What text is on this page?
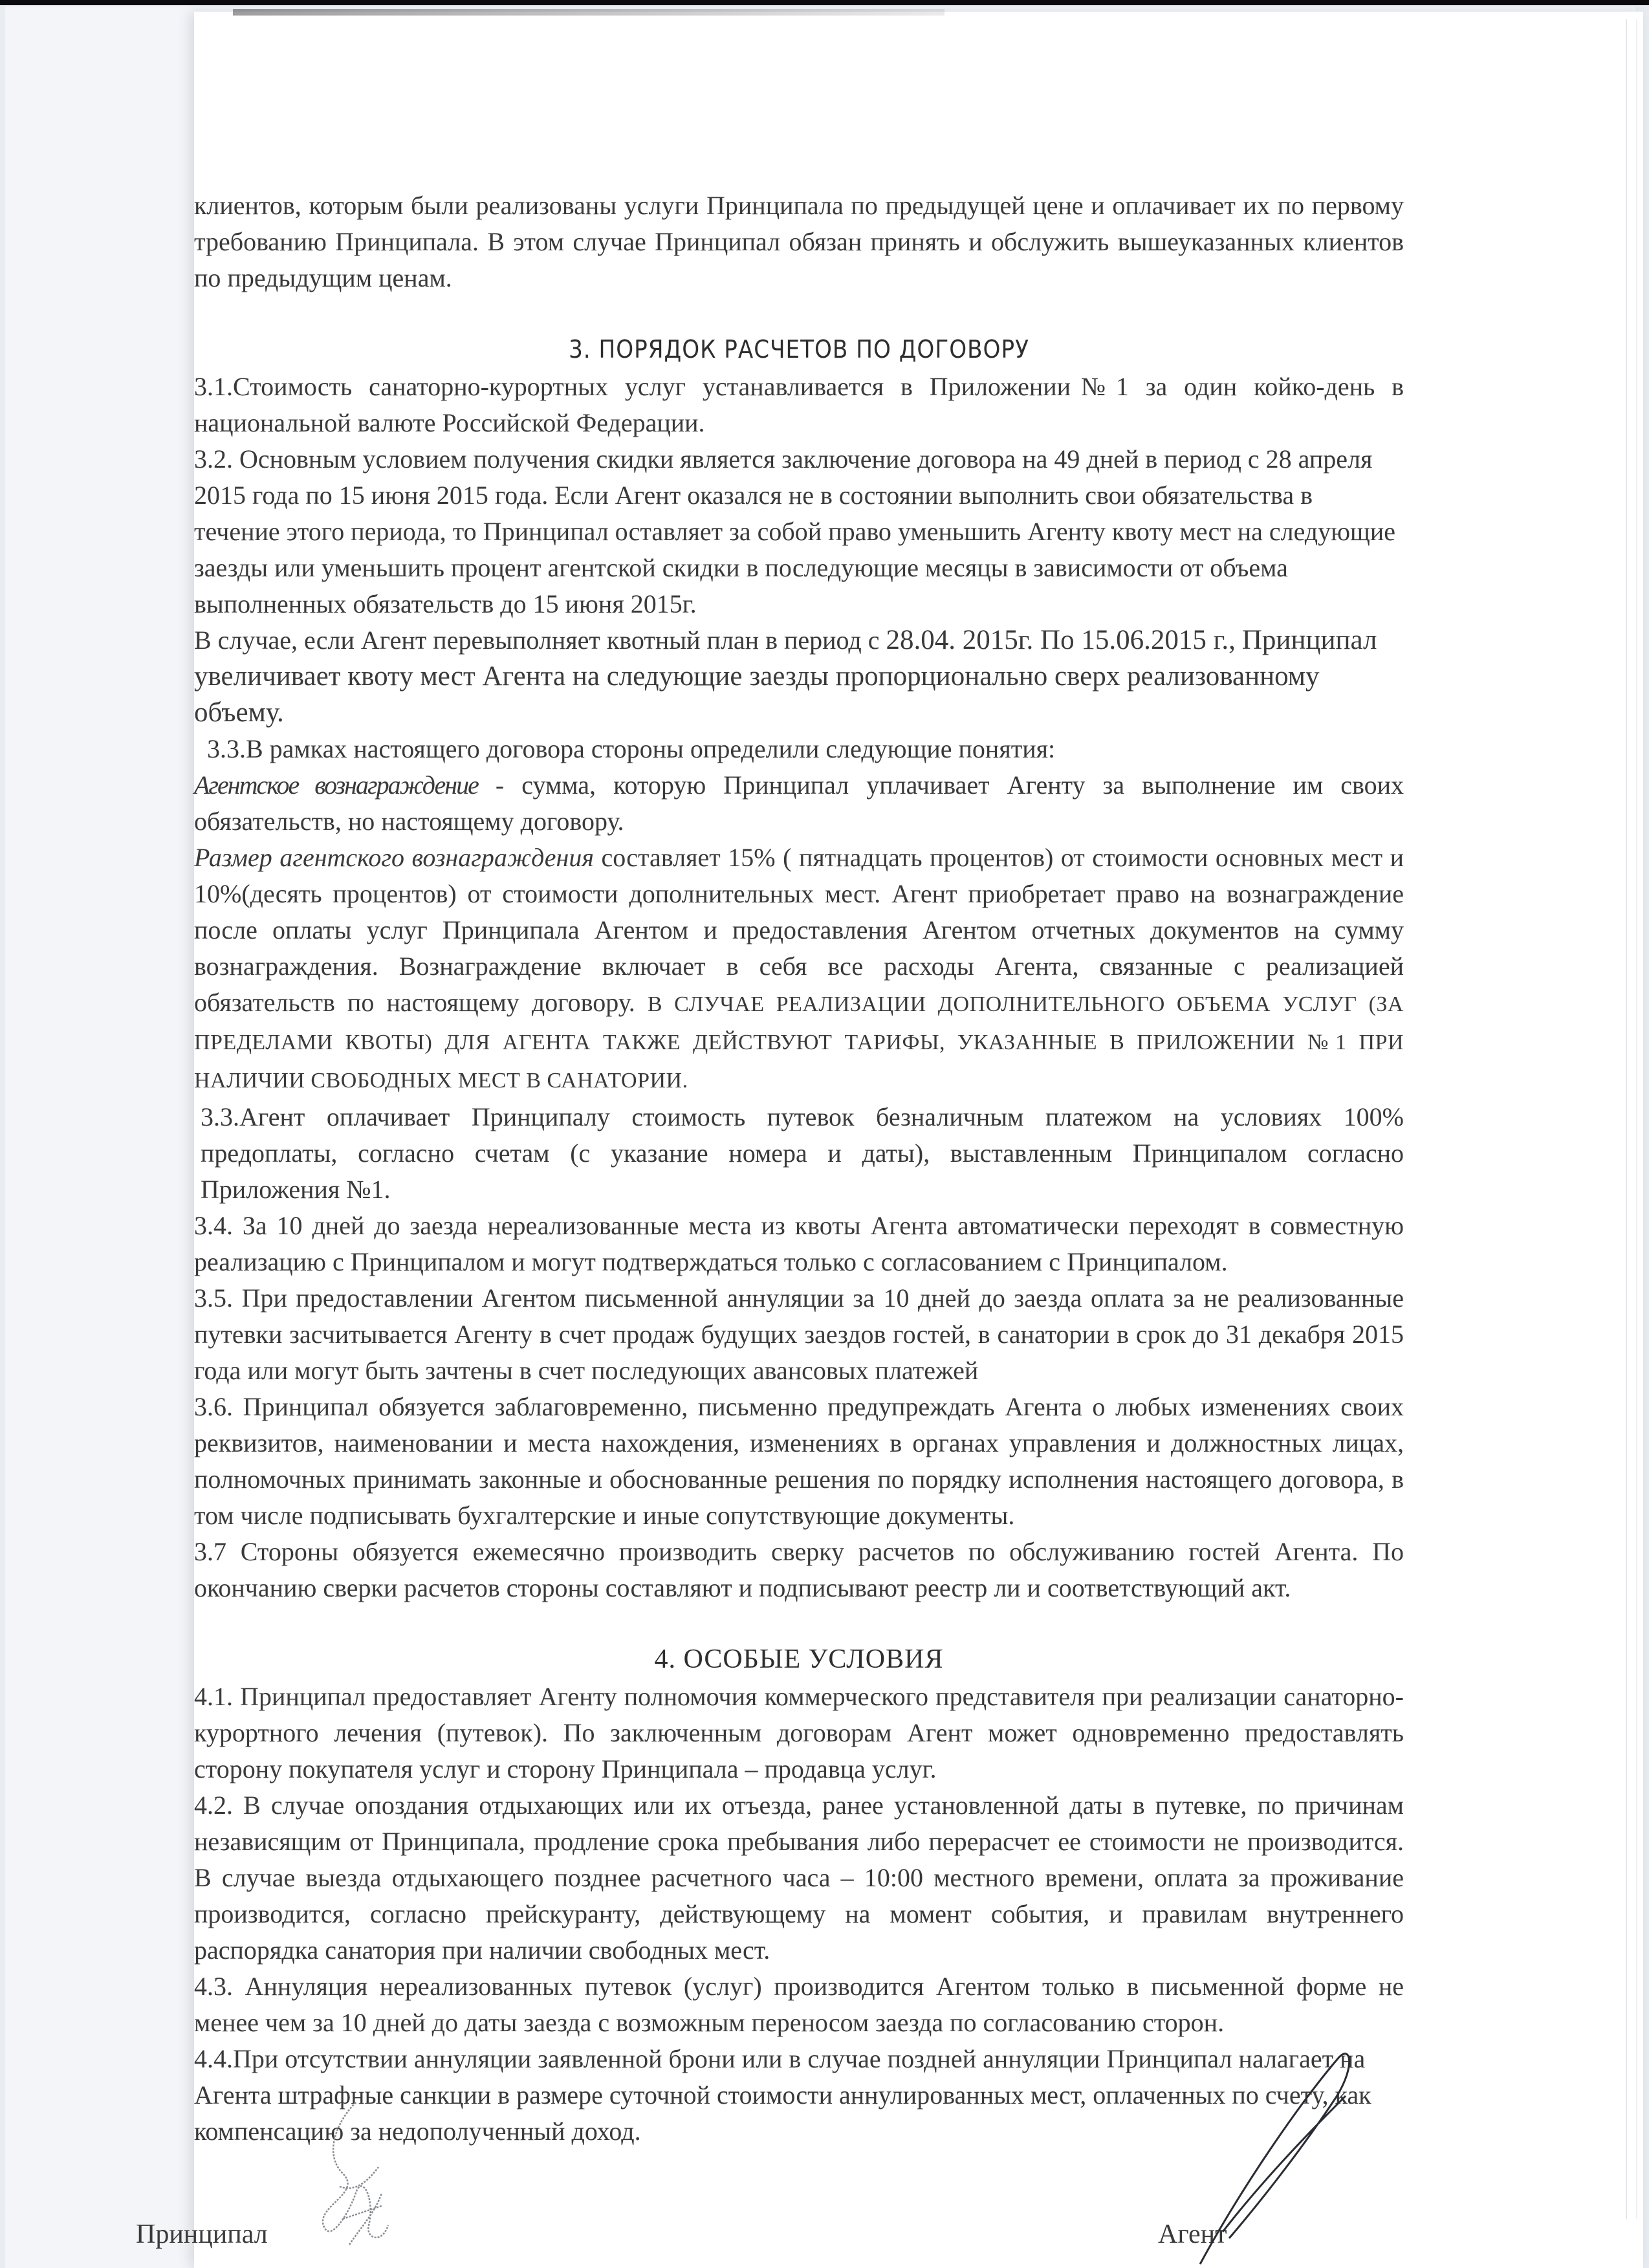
клиентов, которым были реализованы услуги Принципала по предыдущей цене и оплачивает их по первому требованию Принципала. В этом случае Принципал обязан принять и обслужить вышеуказанных клиентов по предыдущим ценам.

3. ПОРЯДОК РАСЧЕТОВ ПО ДОГОВОРУ

3.1.Стоимость санаторно-курортных услуг устанавливается в Приложении№1 за один койко-день в национальной валюте Российской Федерации.

3.2. Основным условием получения скидки является заключение договора на 49 дней в период с 28 апреля 2015 года по 15 июня 2015 года. Если Агент оказался не в состоянии выполнить свои обязательства в течение этого периода, то Принципал оставляет за собой право уменьшить Агенту квоту мест на следующие заезды или уменьшить процент агентской скидки в последующие месяцы в зависимости от объема выполненных обязательств до 15 июня 2015г.

В случае, если Агент перевыполняет квотный план в период с 28.04. 2015г. По 15.06.2015 г., Принципал увеличивает квоту мест Агента на следующие заезды пропорционально сверх реализованному объему.

3.3.В рамках настоящего договора стороны определили следующие понятия:

Агентское вознаграждение - сумма, которую Принципал уплачивает Агенту за выполнение им своих обязательств, но настоящему договору.

Размер агентского вознаграждения составляет 15% ( пятнадцать процентов) от стоимости основных мест и 10%(десять процентов) от стоимости дополнительных мест. Агент приобретает право на вознаграждение после оплаты услуг Принципала Агентом и предоставления Агентом отчетных документов на сумму вознаграждения. Вознаграждение включает в себя все расходы Агента, связанные с реализацией обязательств по настоящему договору. В СЛУЧАЕ РЕАЛИЗАЦИИ ДОПОЛНИТЕЛЬНОГО ОБЪЕМА УСЛУГ (ЗА ПРЕДЕЛАМИ КВОТЫ) ДЛЯ АГЕНТА ТАКЖЕ ДЕЙСТВУЮТ ТАРИФЫ, УКАЗАННЫЕ В ПРИЛОЖЕНИИ №1 ПРИ НАЛИЧИИ СВОБОДНЫХ МЕСТ В САНАТОРИИ.

3.3.Агент оплачивает Принципалу стоимость путевок безналичным платежом на условиях 100% предоплаты, согласно счетам (с указание номера и даты), выставленным Принципалом согласно Приложения №1.

3.4. За 10 дней до заезда нереализованные места из квоты Агента автоматически переходят в совместную реализацию с Принципалом и могут подтверждаться только с согласованием с Принципалом.

3.5. При предоставлении Агентом письменной аннуляции за 10 дней до заезда оплата за не реализованные путевки засчитывается Агенту в счет продаж будущих заездов гостей, в санатории в срок до 31 декабря 2015 года или могут быть зачтены в счет последующих авансовых платежей

3.6. Принципал обязуется заблаговременно, письменно предупреждать Агента о любых изменениях своих реквизитов, наименовании и места нахождения, изменениях в органах управления и должностных лицах, полномочных принимать законные и обоснованные решения по порядку исполнения настоящего договора, в том числе подписывать бухгалтерские и иные сопутствующие документы.

3.7 Стороны обязуется ежемесячно производить сверку расчетов по обслуживанию гостей Агента. По окончанию сверки расчетов стороны составляют и подписывают реестр ли и соответствующий акт.

4. ОСОБЫЕ УСЛОВИЯ

4.1. Принципал предоставляет Агенту полномочия коммерческого представителя при реализации санаторно-курортного лечения (путевок). По заключенным договорам Агент может одновременно предоставлять сторону покупателя услуг и сторону Принципала – продавца услуг.

4.2. В случае опоздания отдыхающих или их отъезда, ранее установленной даты в путевке, по причинам независящим от Принципала, продление срока пребывания либо перерасчет ее стоимости не производится. В случае выезда отдыхающего позднее расчетного часа – 10:00 местного времени, оплата за проживание производится, согласно прейскуранту, действующему на момент события, и правилам внутреннего распорядка санатория при наличии свободных мест.

4.3. Аннуляция нереализованных путевок (услуг) производится Агентом только в письменной форме не менее чем за 10 дней до даты заезда с возможным переносом заезда по согласованию сторон.

4.4.При отсутствии аннуляции заявленной брони или в случае поздней аннуляции Принципал налагает на Агента штрафные санкции в размере суточной стоимости аннулированных мест, оплаченных по счету, как компенсацию за недополученный доход.

Принципал	Агент
